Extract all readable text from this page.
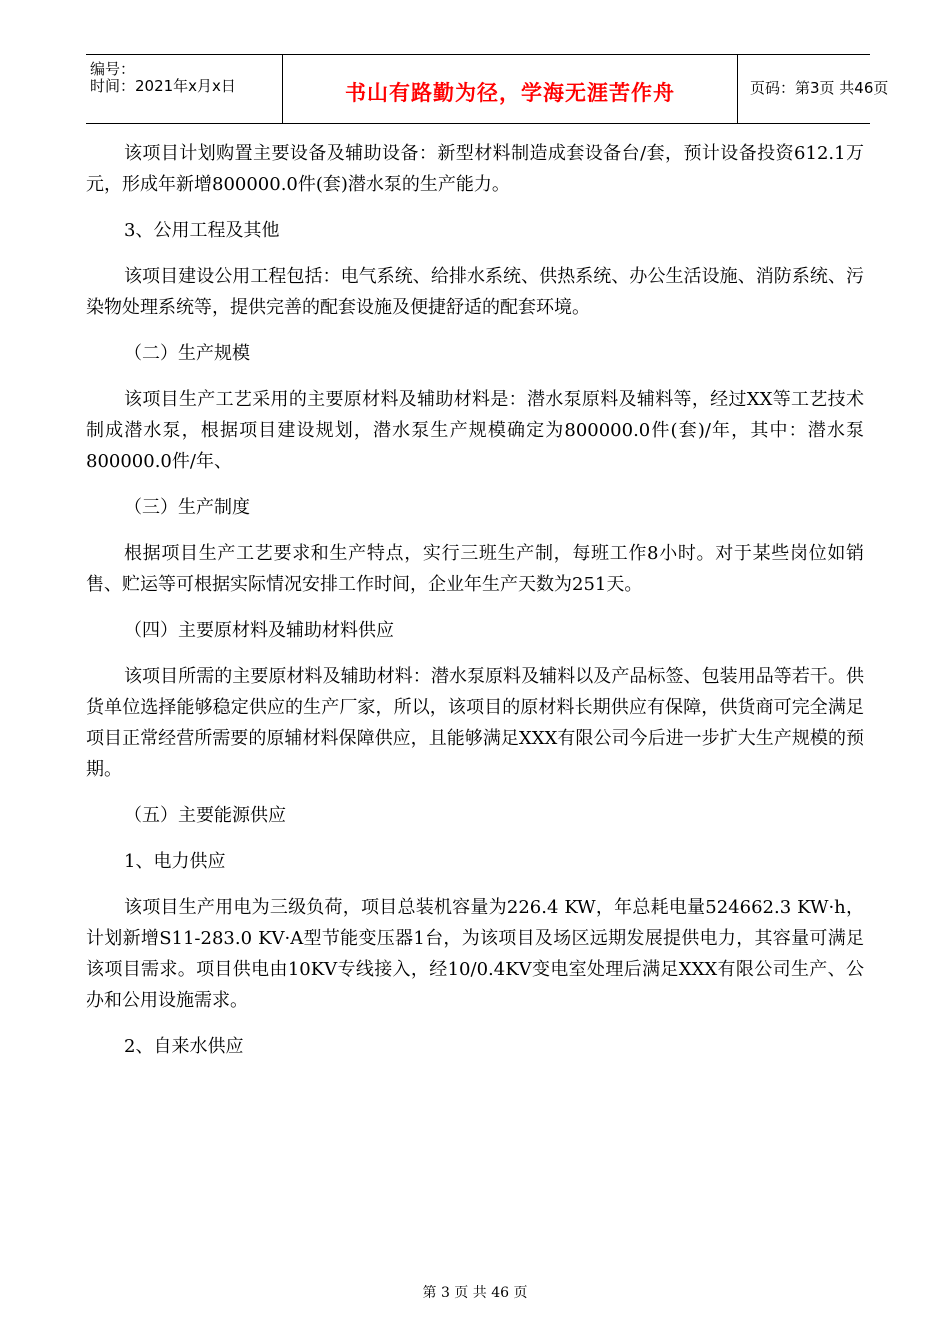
编号：
时间：2021年x月x日	书山有路勤为径，学海无涯苦作舟	页码：第3页 共46页

该项目计划购置主要设备及辅助设备：新型材料制造成套设备台/套，预计设备投资612.1万元，形成年新增800000.0件(套)潜水泵的生产能力。

3、公用工程及其他

该项目建设公用工程包括：电气系统、给排水系统、供热系统、办公生活设施、消防系统、污染物处理系统等，提供完善的配套设施及便捷舒适的配套环境。

（二）生产规模

该项目生产工艺采用的主要原材料及辅助材料是：潜水泵原料及辅料等，经过XX等工艺技术制成潜水泵，根据项目建设规划，潜水泵生产规模确定为800000.0件(套)/年，其中：潜水泵800000.0件/年、

（三）生产制度

根据项目生产工艺要求和生产特点，实行三班生产制，每班工作8小时。对于某些岗位如销售、贮运等可根据实际情况安排工作时间，企业年生产天数为251天。

（四）主要原材料及辅助材料供应

该项目所需的主要原材料及辅助材料：潜水泵原料及辅料以及产品标签、包装用品等若干。供货单位选择能够稳定供应的生产厂家，所以，该项目的原材料长期供应有保障，供货商可完全满足项目正常经营所需要的原辅材料保障供应，且能够满足XXX有限公司今后进一步扩大生产规模的预期。

（五）主要能源供应

1、电力供应

该项目生产用电为三级负荷，项目总装机容量为226.4 KW，年总耗电量524662.3 KW·h，计划新增S11-283.0 KV·A型节能变压器1台，为该项目及场区远期发展提供电力，其容量可满足该项目需求。项目供电由10KV专线接入，经10/0.4KV变电室处理后满足XXX有限公司生产、公办和公用设施需求。

2、自来水供应

第 3 页 共 46 页
